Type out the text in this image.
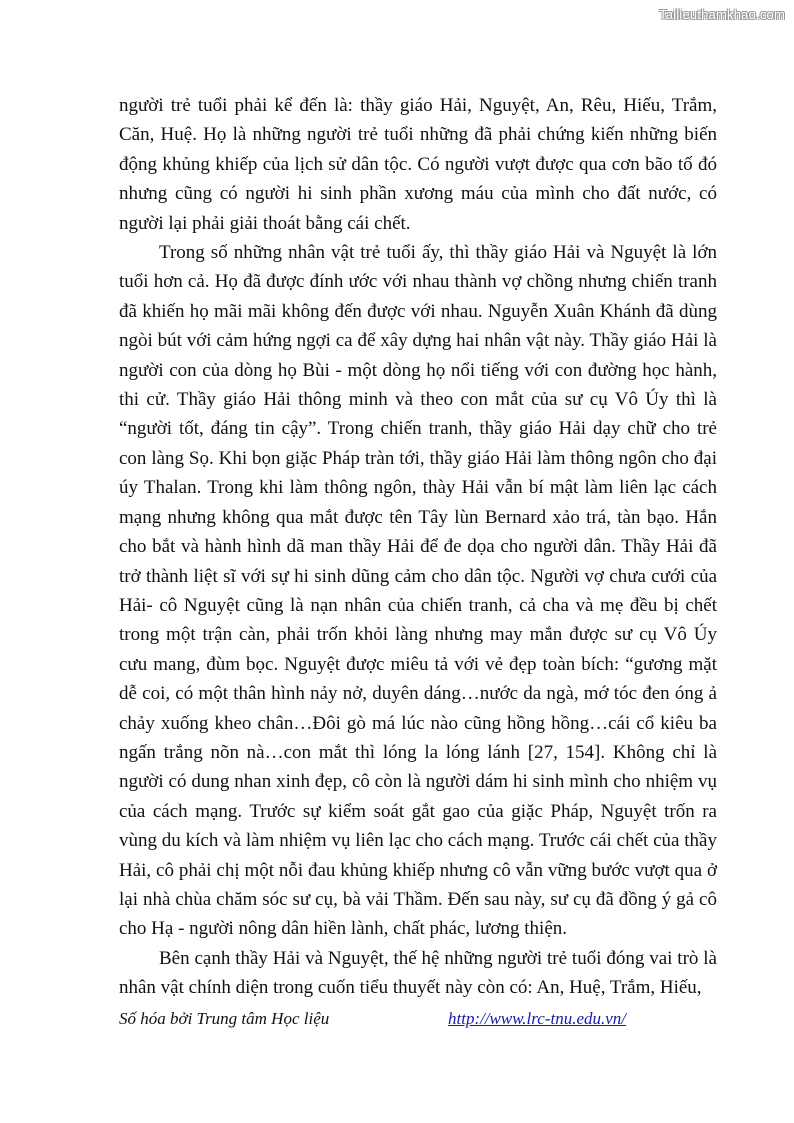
Tailieuthamkhao.com

người trẻ tuổi phải kể đến là: thầy giáo Hải, Nguyệt, An, Rêu, Hiếu, Trắm, Căn, Huệ. Họ là những người trẻ tuổi những đã phải chứng kiến những biến động khủng khiếp của lịch sử dân tộc. Có người vượt được qua cơn bão tố đó nhưng cũng có người hi sinh phần xương máu của mình cho đất nước, có người lại phải giải thoát bằng cái chết.

Trong số những nhân vật trẻ tuổi ấy, thì thầy giáo Hải và Nguyệt là lớn tuổi hơn cả. Họ đã được đính ước với nhau thành vợ chồng nhưng chiến tranh đã khiến họ mãi mãi không đến được với nhau. Nguyễn Xuân Khánh đã dùng ngòi bút với cảm hứng ngợi ca để xây dựng hai nhân vật này. Thầy giáo Hải là người con của dòng họ Bùi - một dòng họ nổi tiếng với con đường học hành, thi cử. Thầy giáo Hải thông minh và theo con mắt của sư cụ Vô Úy thì là “người tốt, đáng tin cậy”. Trong chiến tranh, thầy giáo Hải dạy chữ cho trẻ con làng Sọ. Khi bọn giặc Pháp tràn tới, thầy giáo Hải làm thông ngôn cho đại úy Thalan. Trong khi làm thông ngôn, thày Hải vẫn bí mật làm liên lạc cách mạng nhưng không qua mắt được tên Tây lùn Bernard xảo trá, tàn bạo. Hắn cho bắt và hành hình dã man thầy Hải để đe dọa cho người dân. Thầy Hải đã trở thành liệt sĩ với sự hi sinh dũng cảm cho dân tộc. Người vợ chưa cưới của Hải- cô Nguyệt cũng là nạn nhân của chiến tranh, cả cha và mẹ đều bị chết trong một trận càn, phải trốn khỏi làng nhưng may mắn được sư cụ Vô Úy cưu mang, đùm bọc. Nguyệt được miêu tả với vẻ đẹp toàn bích: “gương mặt dễ coi, có một thân hình nảy nở, duyên dáng…nước da ngà, mớ tóc đen óng ả chảy xuống kheo chân…Đôi gò má lúc nào cũng hồng hồng…cái cổ kiêu ba ngấn trắng nõn nà…con mắt thì lóng la lóng lánh [27, 154]. Không chỉ là người có dung nhan xinh đẹp, cô còn là người dám hi sinh mình cho nhiệm vụ của cách mạng. Trước sự kiểm soát gắt gao của giặc Pháp, Nguyệt trốn ra vùng du kích và làm nhiệm vụ liên lạc cho cách mạng. Trước cái chết của thầy Hải, cô phải chị một nỗi đau khủng khiếp nhưng cô vẫn vững bước vượt qua ở lại nhà chùa chăm sóc sư cụ, bà vải Thầm. Đến sau này, sư cụ đã đồng ý gả cô cho Hạ - người nông dân hiền lành, chất phác, lương thiện.

Bên cạnh thầy Hải và Nguyệt, thế hệ những người trẻ tuổi đóng vai trò là nhân vật chính diện trong cuốn tiểu thuyết này còn có: An, Huệ, Trắm, Hiếu,

Số hóa bởi Trung tâm Học liệu	http://www.lrc-tnu.edu.vn/
